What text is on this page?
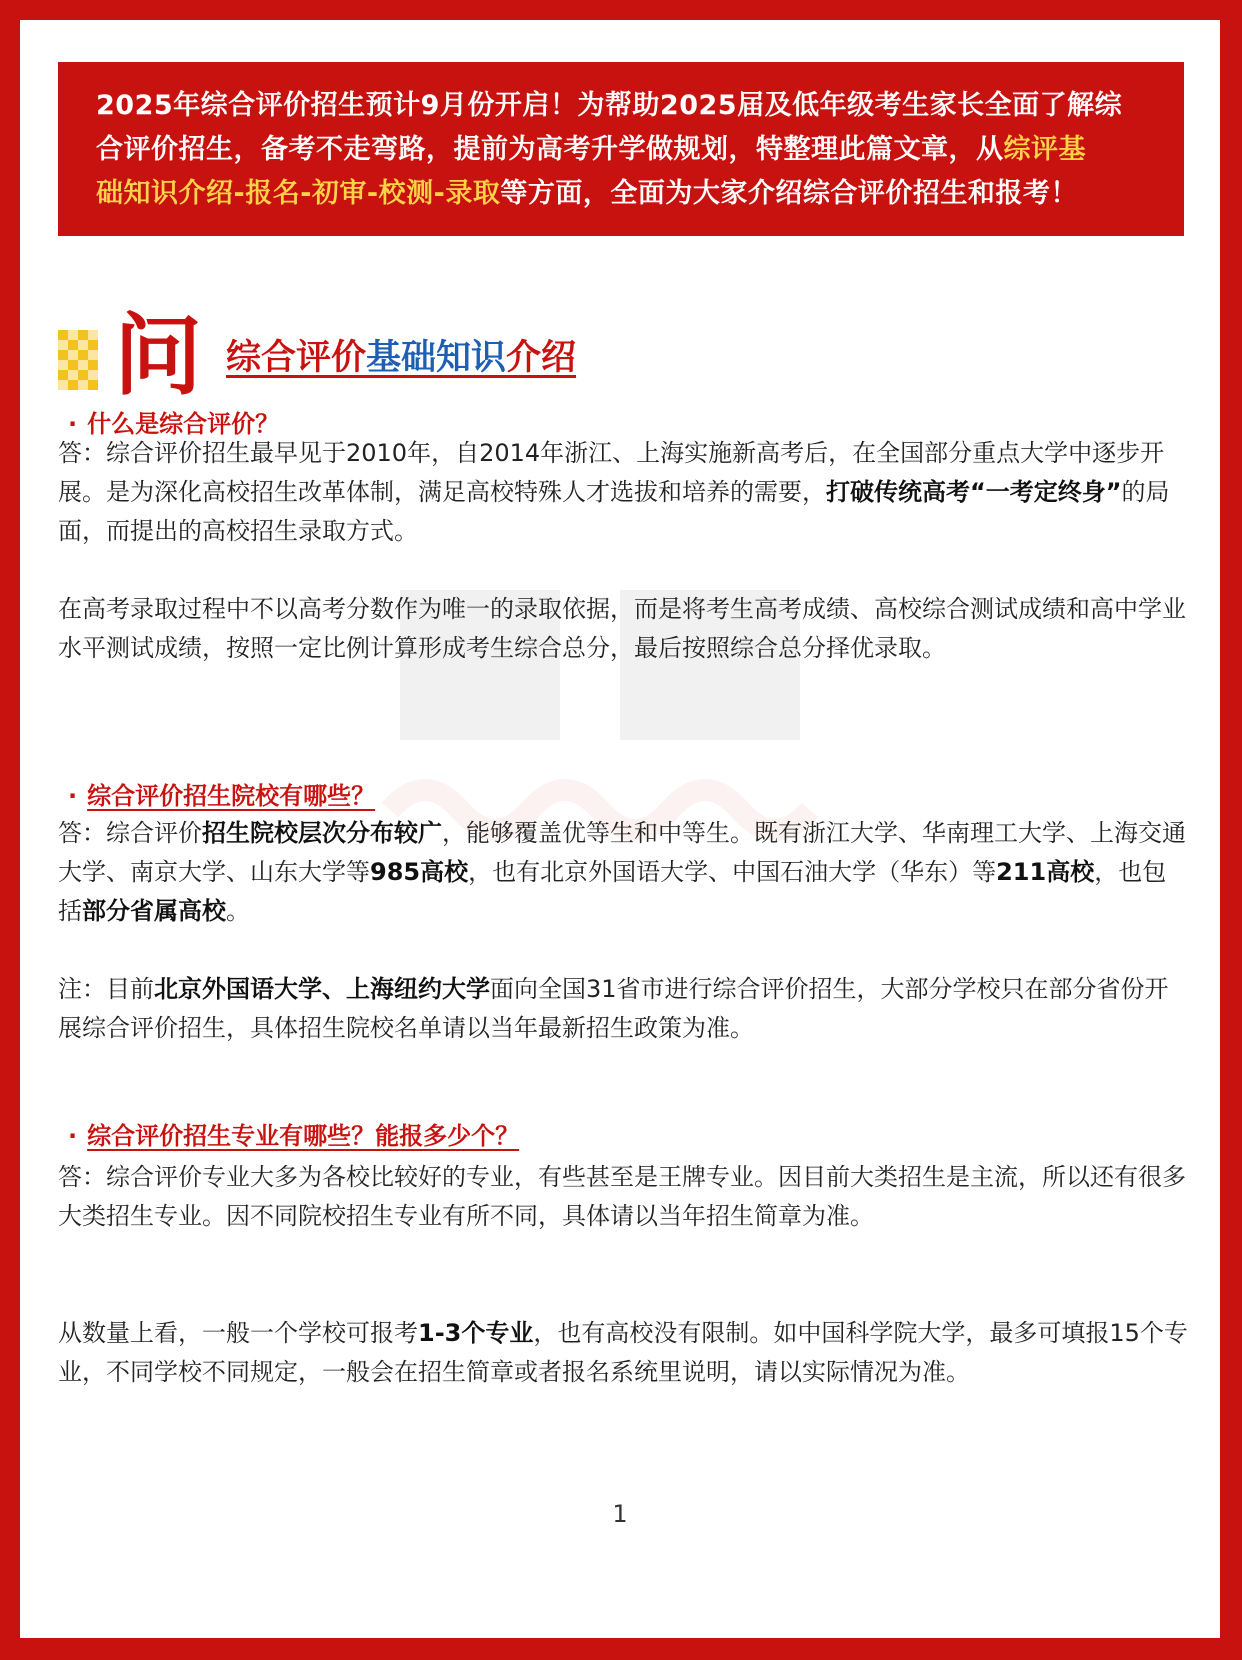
2025年综合评价招生预计9月份开启！为帮助2025届及低年级考生家长全面了解综
合评价招生，备考不走弯路，提前为高考升学做规划，特整理此篇文章，从综评基
础知识介绍-报名-初审-校测-录取等方面，全面为大家介绍综合评价招生和报考！
问 综合评价基础知识介绍
· 什么是综合评价？
答：综合评价招生最早见于2010年，自2014年浙江、上海实施新高考后，在全国部分重点大学中逐步开展。是为深化高校招生改革体制，满足高校特殊人才选拔和培养的需要，打破传统高考“一考定终身”的局面，而提出的高校招生录取方式。
在高考录取过程中不以高考分数作为唯一的录取依据，而是将考生高考成绩、高校综合测试成绩和高中学业水平测试成绩，按照一定比例计算形成考生综合总分，最后按照综合总分择优录取。
· 综合评价招生院校有哪些？
答：综合评价招生院校层次分布较广，能够覆盖优等生和中等生。既有浙江大学、华南理工大学、上海交通大学、南京大学、山东大学等985高校，也有北京外国语大学、中国石油大学（华东）等211高校，也包括部分省属高校。
注：目前北京外国语大学、上海纽约大学面向全国31省市进行综合评价招生，大部分学校只在部分省份开展综合评价招生，具体招生院校名单请以当年最新招生政策为准。
· 综合评价招生专业有哪些？能报多少个？
答：综合评价专业大多为各校比较好的专业，有些甚至是王牌专业。因目前大类招生是主流，所以还有很多大类招生专业。因不同院校招生专业有所不同，具体请以当年招生简章为准。
从数量上看，一般一个学校可报考1-3个专业，也有高校没有限制。如中国科学院大学，最多可填报15个专业，不同学校不同规定，一般会在招生简章或者报名系统里说明，请以实际情况为准。
1
